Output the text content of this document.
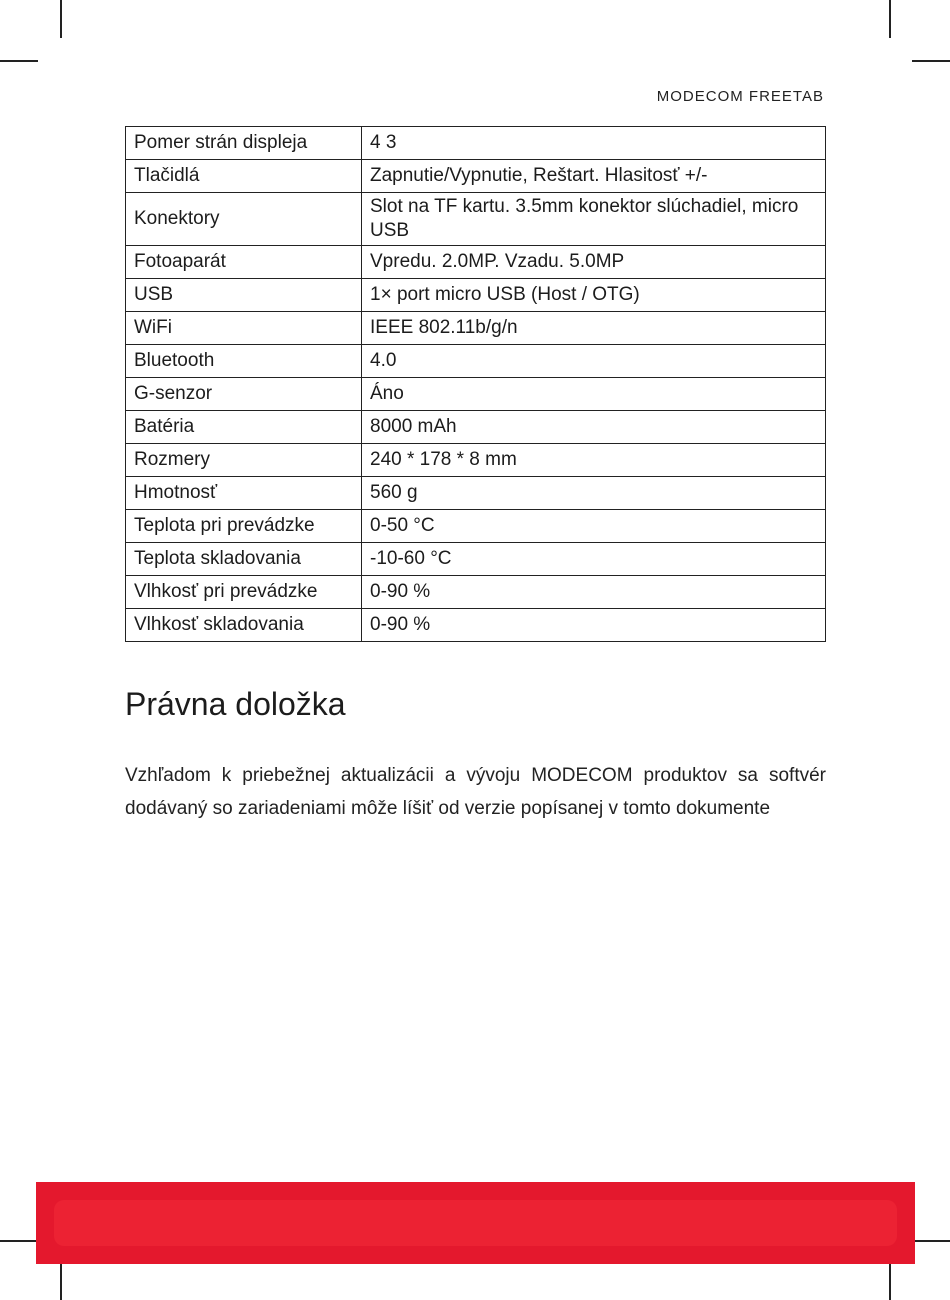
MODECOM FREETAB
Pomer strán displeja	4 3
Tlačidlá	Zapnutie/Vypnutie, Reštart. Hlasitosť +/-
Konektory	Slot na TF kartu. 3.5mm konektor slúchadiel, micro USB
Fotoaparát	Vpredu. 2.0MP. Vzadu. 5.0MP
USB	1× port micro USB (Host / OTG)
WiFi	IEEE 802.11b/g/n
Bluetooth	4.0
G-senzor	Áno
Batéria	8000 mAh
Rozmery	240 * 178 * 8 mm
Hmotnosť	560 g
Teplota pri prevádzke	0-50 °C
Teplota skladovania	-10-60 °C
Vlhkosť pri prevádzke	0-90 %
Vlhkosť skladovania	0-90 %
Právna doložka

Vzhľadom k priebežnej aktualizácii a vývoju MODECOM produktov sa softvér dodávaný so zariadeniami môže líšiť od verzie popísanej v tomto dokumente
